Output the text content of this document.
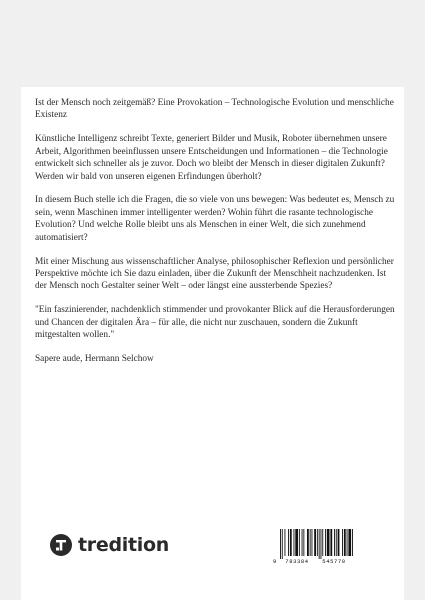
Ist der Mensch noch zeitgemäß? Eine Provokation – Technologische Evolution und menschliche Existenz

Künstliche Intelligenz schreibt Texte, generiert Bilder und Musik, Roboter übernehmen unsere Arbeit, Algorithmen beeinflussen unsere Entscheidungen und Informationen – die Technologie entwickelt sich schneller als je zuvor. Doch wo bleibt der Mensch in dieser digitalen Zukunft? Werden wir bald von unseren eigenen Erfindungen überholt?

In diesem Buch stelle ich die Fragen, die so viele von uns bewegen: Was bedeutet es, Mensch zu sein, wenn Maschinen immer intelligenter werden? Wohin führt die rasante technologische Evolution? Und welche Rolle bleibt uns als Menschen in einer Welt, die sich zunehmend automatisiert?

Mit einer Mischung aus wissenschaftlicher Analyse, philosophischer Reflexion und persönlicher Perspektive möchte ich Sie dazu einladen, über die Zukunft der Menschheit nachzudenken. Ist der Mensch noch Gestalter seiner Welt – oder längst eine aussterbende Spezies?

"Ein faszinierender, nachdenklich stimmender und provokanter Blick auf die Herausforderungen und Chancen der digitalen Ära – für alle, die nicht nur zuschauen, sondern die Zukunft mitgestalten wollen."

Sapere aude, Hermann Selchow

tredition
9	783384	545770
